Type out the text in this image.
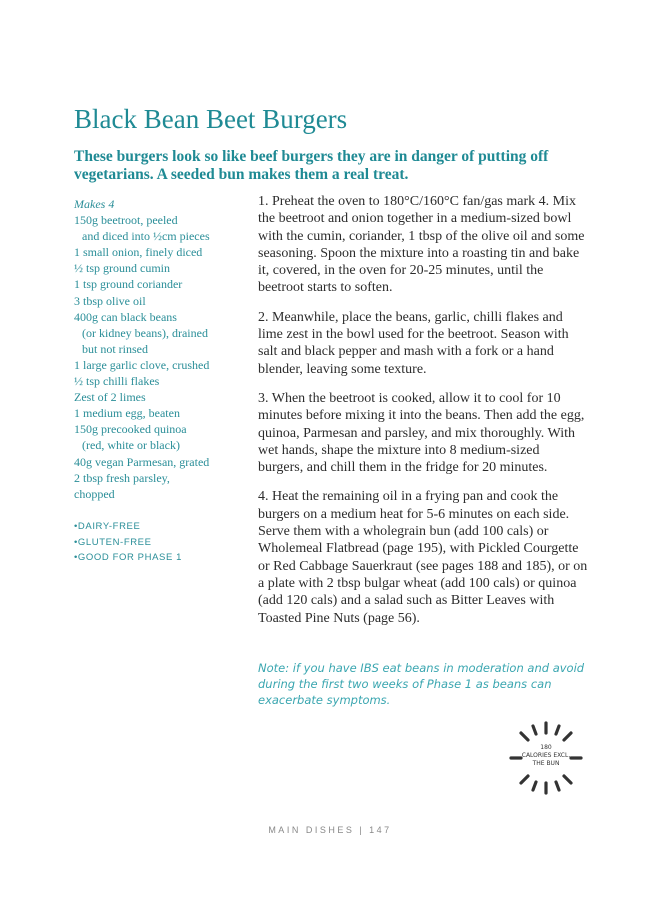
Black Bean Beet Burgers

These burgers look so like beef burgers they are in danger of putting off vegetarians. A seeded bun makes them a real treat.

Makes 4
150g beetroot, peeled
and diced into ½cm pieces
1 small onion, finely diced
½ tsp ground cumin
1 tsp ground coriander
3 tbsp olive oil
400g can black beans
(or kidney beans), drained
but not rinsed
1 large garlic clove, crushed
½ tsp chilli flakes
Zest of 2 limes
1 medium egg, beaten
150g precooked quinoa
(red, white or black)
40g vegan Parmesan, grated
2 tbsp fresh parsley,
chopped
•DAIRY-FREE
•GLUTEN-FREE
•GOOD FOR PHASE 1

1. Preheat the oven to 180°C/160°C fan/gas mark 4. Mix the beetroot and onion together in a medium-sized bowl with the cumin, coriander, 1 tbsp of the olive oil and some seasoning. Spoon the mixture into a roasting tin and bake it, covered, in the oven for 20-25 minutes, until the beetroot starts to soften.

2. Meanwhile, place the beans, garlic, chilli flakes and lime zest in the bowl used for the beetroot. Season with salt and black pepper and mash with a fork or a hand blender, leaving some texture.

3. When the beetroot is cooked, allow it to cool for 10 minutes before mixing it into the beans. Then add the egg, quinoa, Parmesan and parsley, and mix thoroughly. With wet hands, shape the mixture into 8 medium-sized burgers, and chill them in the fridge for 20 minutes.

4. Heat the remaining oil in a frying pan and cook the burgers on a medium heat for 5-6 minutes on each side. Serve them with a wholegrain bun (add 100 cals) or Wholemeal Flatbread (page 195), with Pickled Courgette or Red Cabbage Sauerkraut (see pages 188 and 185), or on a plate with 2 tbsp bulgar wheat (add 100 cals) or quinoa (add 120 cals) and a salad such as Bitter Leaves with Toasted Pine Nuts (page 56).

Note: if you have IBS eat beans in moderation and avoid during the first two weeks of Phase 1 as beans can exacerbate symptoms.
180
CALORIES EXCL.
THE BUN
MAIN DISHES | 147
